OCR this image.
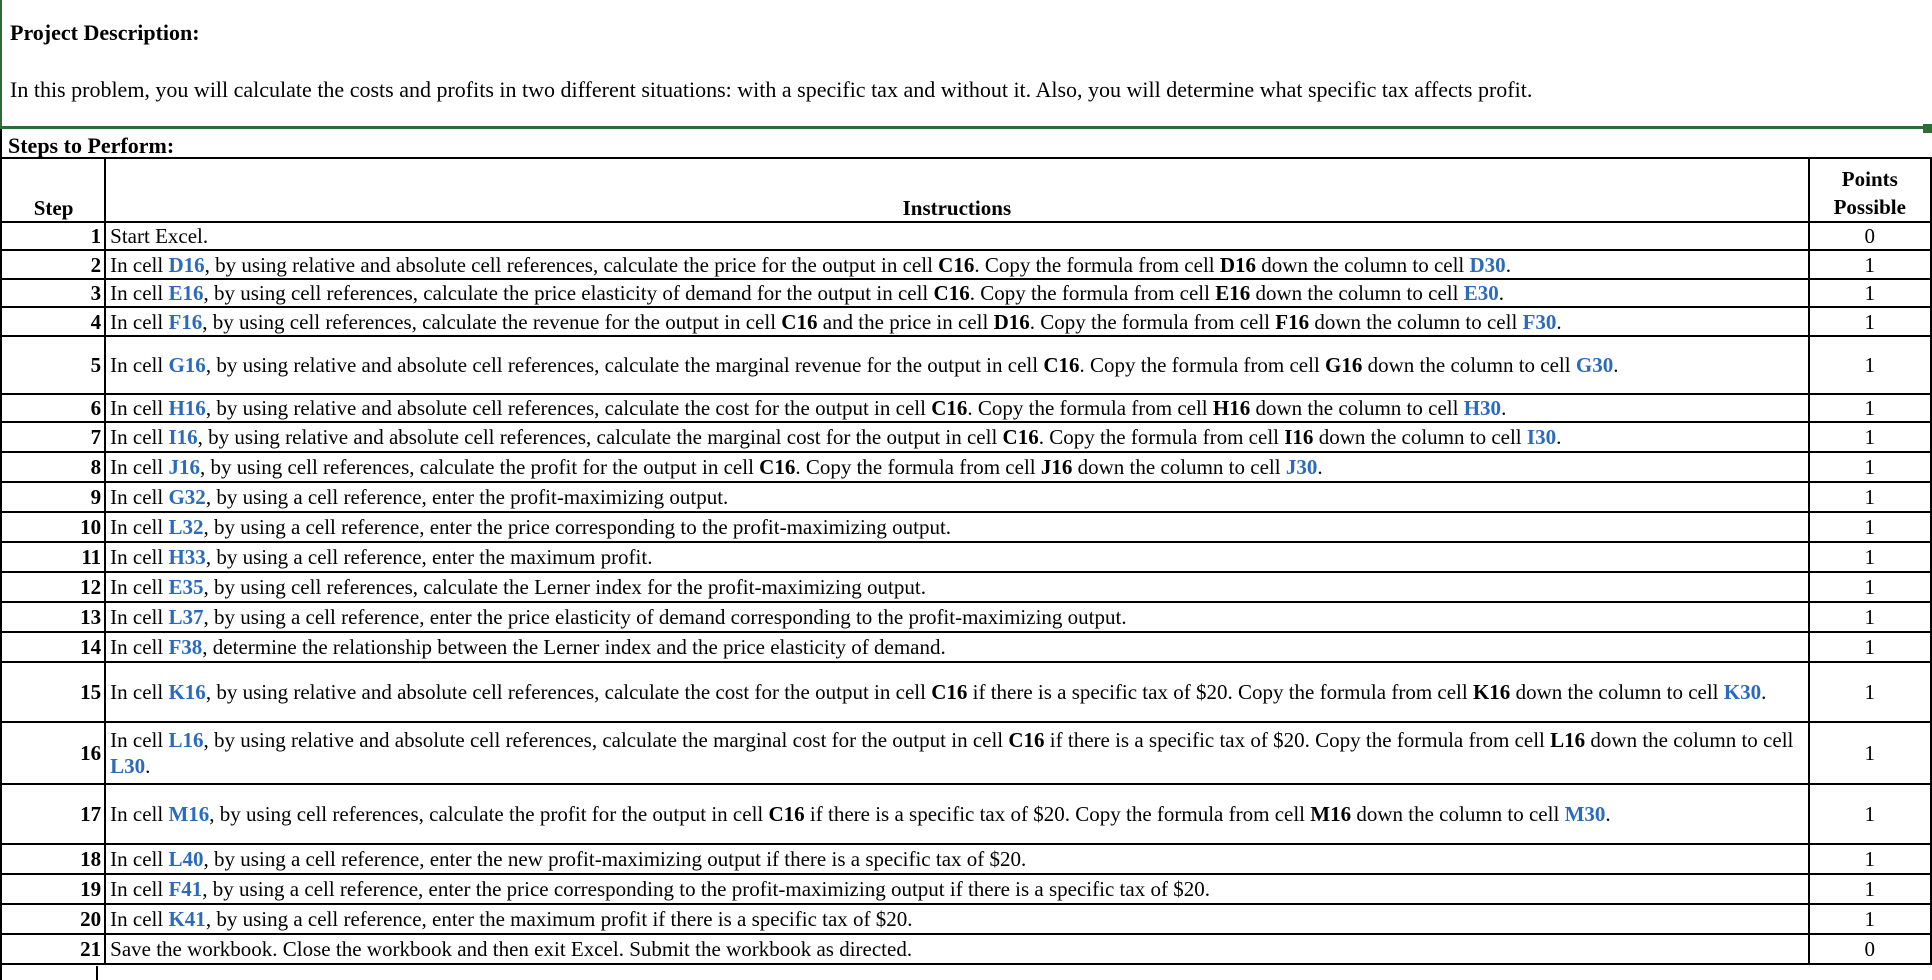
Project Description:
In this problem, you will calculate the costs and profits in two different situations: with a specific tax and without it. Also, you will determine what specific tax affects profit.
Steps to Perform:
Step	Instructions	Points
Possible
1	Start Excel.	0
2	In cell D16, by using relative and absolute cell references, calculate the price for the output in cell C16. Copy the formula from cell D16 down the column to cell D30.	1
3	In cell E16, by using cell references, calculate the price elasticity of demand for the output in cell C16. Copy the formula from cell E16 down the column to cell E30.	1
4	In cell F16, by using cell references, calculate the revenue for the output in cell C16 and the price in cell D16. Copy the formula from cell F16 down the column to cell F30.	1
5	In cell G16, by using relative and absolute cell references, calculate the marginal revenue for the output in cell C16. Copy the formula from cell G16 down the column to cell G30.	1
6	In cell H16, by using relative and absolute cell references, calculate the cost for the output in cell C16. Copy the formula from cell H16 down the column to cell H30.	1
7	In cell I16, by using relative and absolute cell references, calculate the marginal cost for the output in cell C16. Copy the formula from cell I16 down the column to cell I30.	1
8	In cell J16, by using cell references, calculate the profit for the output in cell C16. Copy the formula from cell J16 down the column to cell J30.	1
9	In cell G32, by using a cell reference, enter the profit-maximizing output.	1
10	In cell L32, by using a cell reference, enter the price corresponding to the profit-maximizing output.	1
11	In cell H33, by using a cell reference, enter the maximum profit.	1
12	In cell E35, by using cell references, calculate the Lerner index for the profit-maximizing output.	1
13	In cell L37, by using a cell reference, enter the price elasticity of demand corresponding to the profit-maximizing output.	1
14	In cell F38, determine the relationship between the Lerner index and the price elasticity of demand.	1
15	In cell K16, by using relative and absolute cell references, calculate the cost for the output in cell C16 if there is a specific tax of $20. Copy the formula from cell K16 down the column to cell K30.	1
16	In cell L16, by using relative and absolute cell references, calculate the marginal cost for the output in cell C16 if there is a specific tax of $20. Copy the formula from cell L16 down the column to cell L30.	1
17	In cell M16, by using cell references, calculate the profit for the output in cell C16 if there is a specific tax of $20. Copy the formula from cell M16 down the column to cell M30.	1
18	In cell L40, by using a cell reference, enter the new profit-maximizing output if there is a specific tax of $20.	1
19	In cell F41, by using a cell reference, enter the price corresponding to the profit-maximizing output if there is a specific tax of $20.	1
20	In cell K41, by using a cell reference, enter the maximum profit if there is a specific tax of $20.	1
21	Save the workbook. Close the workbook and then exit Excel. Submit the workbook as directed.	0
